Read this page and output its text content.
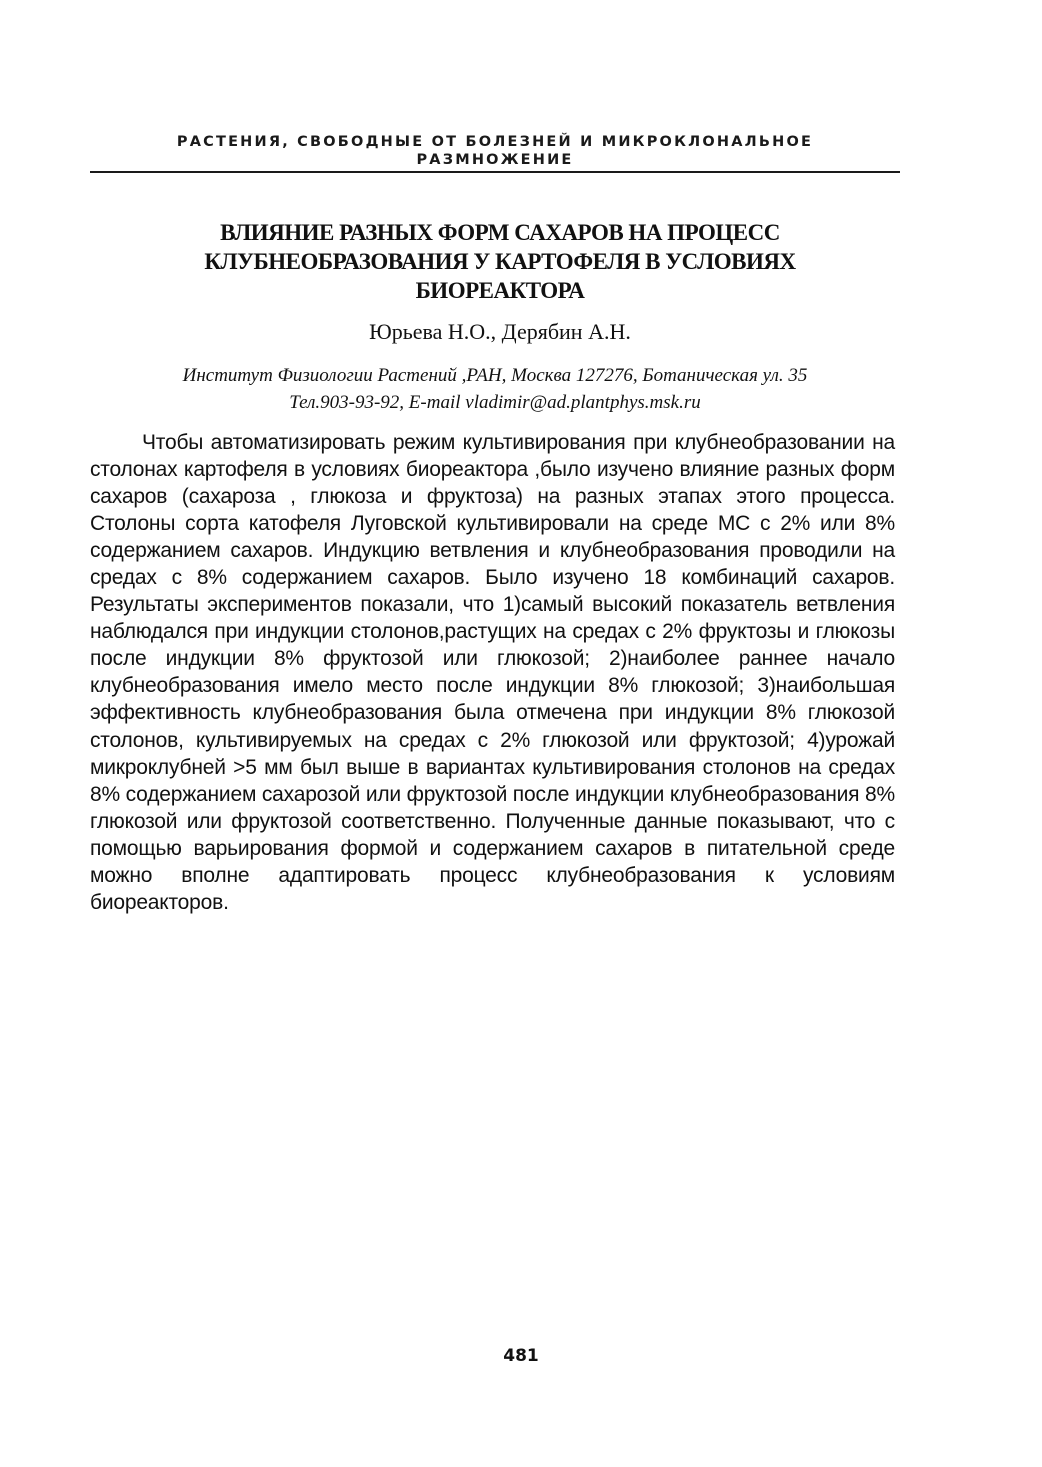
РАСТЕНИЯ, СВОБОДНЫЕ ОТ БОЛЕЗНЕЙ И МИКРОКЛОНАЛЬНОЕ
РАЗМНОЖЕНИЕ
ВЛИЯНИЕ РАЗНЫХ ФОРМ САХАРОВ НА ПРОЦЕСС
КЛУБНЕОБРАЗОВАНИЯ У КАРТОФЕЛЯ В УСЛОВИЯХ
БИОРЕАКТОРА
Юрьева Н.О., Дерябин А.Н.
Институт Физиологии Растений ,РАН, Москва 127276, Ботаническая ул. 35
Тел.903-93-92, E-mail vladimir@ad.plantphys.msk.ru

Чтобы автоматизировать режим культивирования при клубнеобразовании на столонах картофеля в условиях биореактора ,было изучено влияние разных форм сахаров (сахароза , глюкоза и фруктоза) на разных этапах этого процесса. Столоны сорта катофеля Луговской культивировали на среде МС с 2% или 8% содержанием сахаров. Индукцию ветвления и клубнеобразования проводили на средах с 8% содержанием сахаров. Было изучено 18 комбинаций сахаров. Результаты экспериментов показали, что 1)самый высокий показатель ветвления наблюдался при индукции столонов,растущих на средах с 2% фруктозы и глюкозы после индукции 8% фруктозой или глюкозой; 2)наиболее раннее начало клубнеобразования имело место после индукции 8% глюкозой; 3)наибольшая эффективность клубнеобразования была отмечена при индукции 8% глюкозой столонов, культивируемых на средах с 2% глюкозой или фруктозой; 4)урожай микроклубней >5 мм был выше в вариантах культивирования столонов на средах 8% содержанием сахарозой или фруктозой после индукции клубнеобразования 8% глюкозой или фруктозой соответственно. Полученные данные показывают, что с помощью варьирования формой и содержанием сахаров в питательной среде можно вполне адаптировать процесс клубнеобразования к условиям биореакторов.

481
